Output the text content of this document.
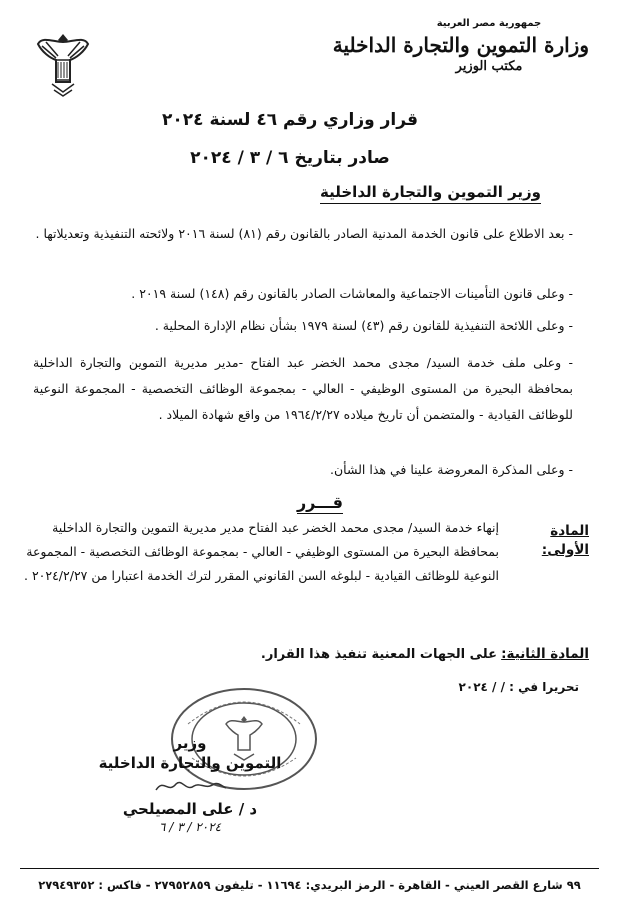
جمهورية مصر العربية
وزارة التموين والتجارة الداخلية
مكتب الوزير
قرار وزاري رقم ٤٦ لسنة ٢٠٢٤
صادر بتاريخ ٦ / ٣ / ٢٠٢٤
وزير التموين والتجارة الداخلية
- بعد الاطلاع على قانون الخدمة المدنية الصادر بالقانون رقم (٨١) لسنة ٢٠١٦ ولائحته التنفيذية وتعديلاتها .
- وعلى قانون التأمينات الاجتماعية والمعاشات الصادر بالقانون رقم (١٤٨) لسنة ٢٠١٩ .
- وعلى اللائحة التنفيذية للقانون رقم (٤٣) لسنة ١٩٧٩ بشأن نظام الإدارة المحلية .
- وعلى ملف خدمة السيد/ مجدى محمد الخضر عبد الفتاح -مدير مديرية التموين والتجارة الداخلية بمحافظة البحيرة من المستوى الوظيفي - العالي - بمجموعة الوظائف التخصصية - المجموعة النوعية للوظائف القيادية - والمتضمن أن تاريخ ميلاده ١٩٦٤/٢/٢٧ من واقع شهادة الميلاد .
- وعلى المذكرة المعروضة علينا في هذا الشأن.
قـــرر
المادة الأولى:
إنهاء خدمة السيد/ مجدى محمد الخضر عبد الفتاح مدير مديرية التموين والتجارة الداخلية بمحافظة البحيرة من المستوى الوظيفي - العالي - بمجموعة الوظائف التخصصية - المجموعة النوعية للوظائف القيادية - لبلوغه السن القانوني المقرر لترك الخدمة اعتبارا من ٢٠٢٤/٢/٢٧ .
المادة الثانية: على الجهات المعنية تنفيذ هذا القرار.
تحريرا في : / / ٢٠٢٤
وزير
التموين والتجارة الداخلية
د / على المصيلحي
٢٠٢٤ / ٣ / ٦
٩٩ شارع القصر العيني - القاهرة - الرمز البريدي: ١١٦٩٤ - تليفون ٢٧٩٥٢٨٥٩ - فاكس : ٢٧٩٤٩٣٥٢
